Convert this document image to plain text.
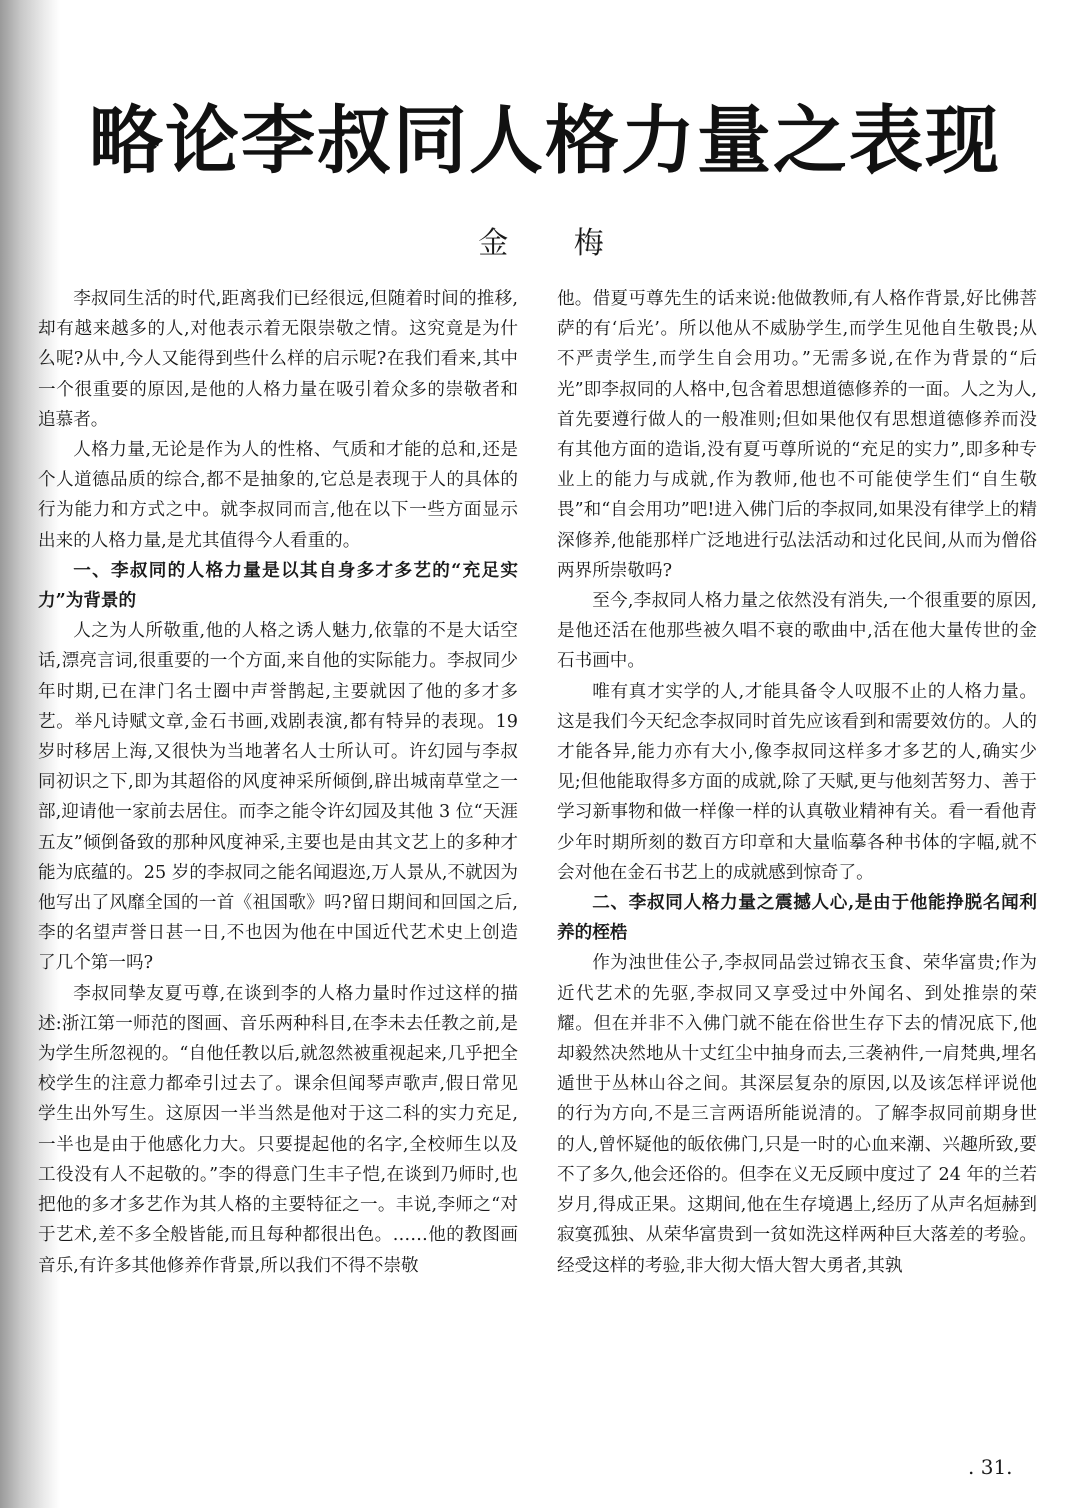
略论李叔同人格力量之表现
金 梅

李叔同生活的时代,距离我们已经很远,但随着时间的推移,却有越来越多的人,对他表示着无限崇敬之情。这究竟是为什么呢?从中,今人又能得到些什么样的启示呢?在我们看来,其中一个很重要的原因,是他的人格力量在吸引着众多的崇敬者和追慕者。

人格力量,无论是作为人的性格、气质和才能的总和,还是个人道德品质的综合,都不是抽象的,它总是表现于人的具体的行为能力和方式之中。就李叔同而言,他在以下一些方面显示出来的人格力量,是尤其值得今人看重的。

一、李叔同的人格力量是以其自身多才多艺的“充足实力”为背景的

人之为人所敬重,他的人格之诱人魅力,依靠的不是大话空话,漂亮言词,很重要的一个方面,来自他的实际能力。李叔同少年时期,已在津门名士圈中声誉鹊起,主要就因了他的多才多艺。举凡诗赋文章,金石书画,戏剧表演,都有特异的表现。19 岁时移居上海,又很快为当地著名人士所认可。许幻园与李叔同初识之下,即为其超俗的风度神采所倾倒,辟出城南草堂之一部,迎请他一家前去居住。而李之能令许幻园及其他 3 位“天涯五友”倾倒备致的那种风度神采,主要也是由其文艺上的多种才能为底蕴的。25 岁的李叔同之能名闻遐迩,万人景从,不就因为他写出了风靡全国的一首《祖国歌》吗?留日期间和回国之后,李的名望声誉日甚一日,不也因为他在中国近代艺术史上创造了几个第一吗?

李叔同挚友夏丏尊,在谈到李的人格力量时作过这样的描述:浙江第一师范的图画、音乐两种科目,在李未去任教之前,是为学生所忽视的。“自他任教以后,就忽然被重视起来,几乎把全校学生的注意力都牵引过去了。课余但闻琴声歌声,假日常见学生出外写生。这原因一半当然是他对于这二科的实力充足,一半也是由于他感化力大。只要提起他的名字,全校师生以及工役没有人不起敬的。”李的得意门生丰子恺,在谈到乃师时,也把他的多才多艺作为其人格的主要特征之一。丰说,李师之“对于艺术,差不多全般皆能,而且每种都很出色。……他的教图画音乐,有许多其他修养作背景,所以我们不得不崇敬

他。借夏丏尊先生的话来说:他做教师,有人格作背景,好比佛菩萨的有‘后光’。所以他从不威胁学生,而学生见他自生敬畏;从不严责学生,而学生自会用功。”无需多说,在作为背景的“后光”即李叔同的人格中,包含着思想道德修养的一面。人之为人,首先要遵行做人的一般准则;但如果他仅有思想道德修养而没有其他方面的造诣,没有夏丏尊所说的“充足的实力”,即多种专业上的能力与成就,作为教师,他也不可能使学生们“自生敬畏”和“自会用功”吧!进入佛门后的李叔同,如果没有律学上的精深修养,他能那样广泛地进行弘法活动和过化民间,从而为僧俗两界所崇敬吗?

至今,李叔同人格力量之依然没有消失,一个很重要的原因,是他还活在他那些被久唱不衰的歌曲中,活在他大量传世的金石书画中。

唯有真才实学的人,才能具备令人叹服不止的人格力量。这是我们今天纪念李叔同时首先应该看到和需要效仿的。人的才能各异,能力亦有大小,像李叔同这样多才多艺的人,确实少见;但他能取得多方面的成就,除了天赋,更与他刻苦努力、善于学习新事物和做一样像一样的认真敬业精神有关。看一看他青少年时期所刻的数百方印章和大量临摹各种书体的字幅,就不会对他在金石书艺上的成就感到惊奇了。

二、李叔同人格力量之震撼人心,是由于他能挣脱名闻利养的桎梏

作为浊世佳公子,李叔同品尝过锦衣玉食、荣华富贵;作为近代艺术的先驱,李叔同又享受过中外闻名、到处推崇的荣耀。但在并非不入佛门就不能在俗世生存下去的情况底下,他却毅然决然地从十丈红尘中抽身而去,三袭衲件,一肩梵典,埋名遁世于丛林山谷之间。其深层复杂的原因,以及该怎样评说他的行为方向,不是三言两语所能说清的。了解李叔同前期身世的人,曾怀疑他的皈依佛门,只是一时的心血来潮、兴趣所致,要不了多久,他会还俗的。但李在义无反顾中度过了 24 年的兰若岁月,得成正果。这期间,他在生存境遇上,经历了从声名烜赫到寂寞孤独、从荣华富贵到一贫如洗这样两种巨大落差的考验。经受这样的考验,非大彻大悟大智大勇者,其孰

. 31.
